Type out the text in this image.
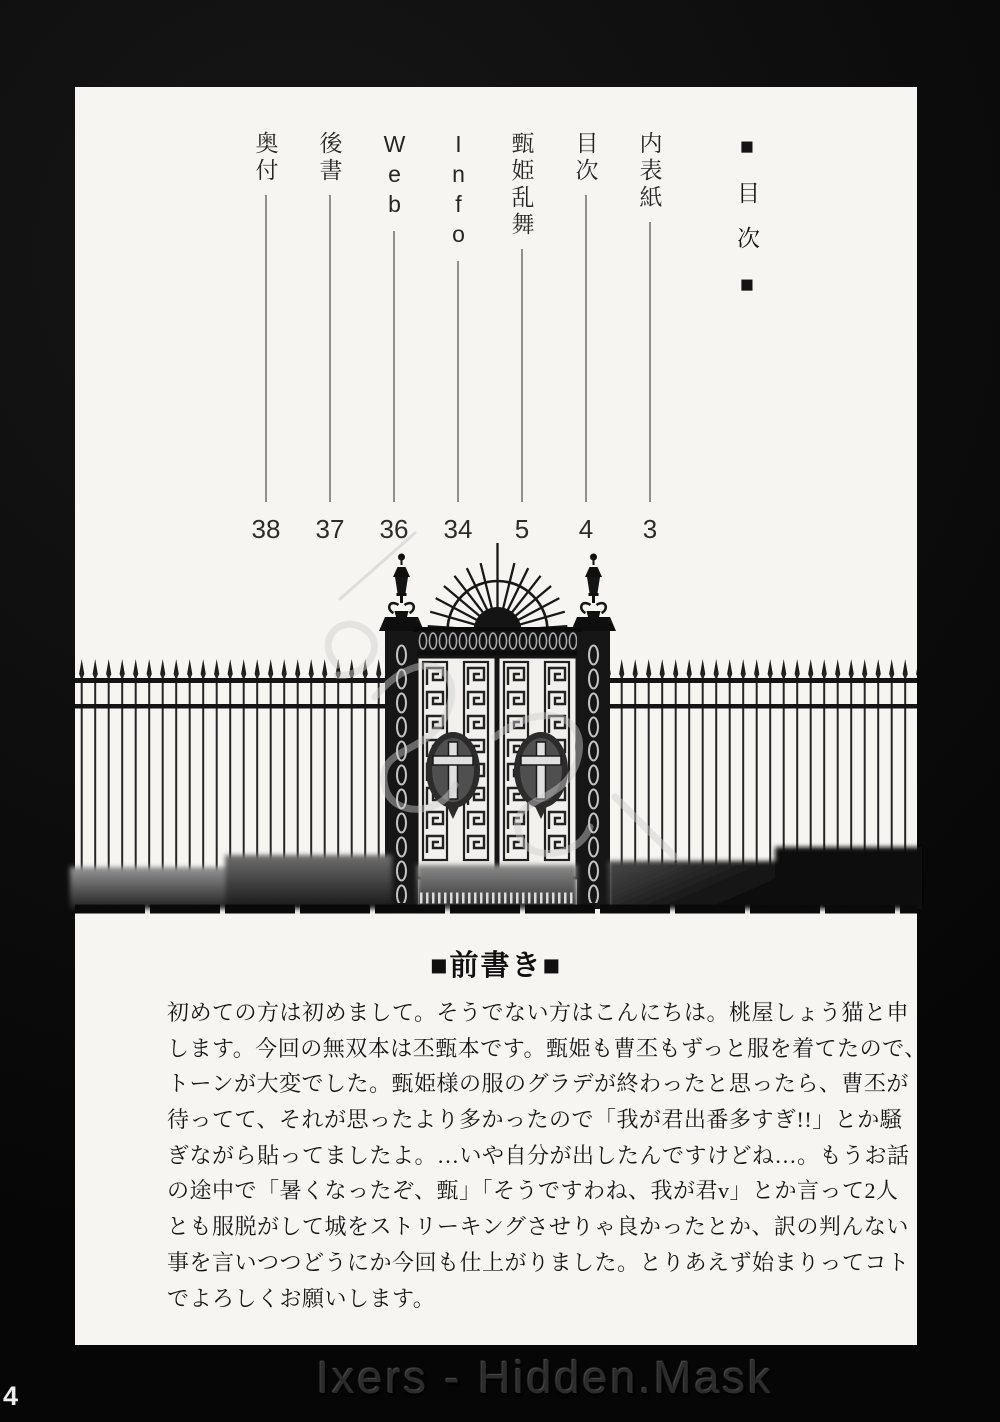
■目次■
内表紙
3
目次
4
甄姫乱舞
5
Info
34
Web
36
後書
37
奥付
38
■前書き■
初めての方は初めまして。そうでない方はこんにちは。桃屋しょう猫と申
します。今回の無双本は丕甄本です。甄姫も曹丕もずっと服を着てたので、
トーンが大変でした。甄姫様の服のグラデが終わったと思ったら、曹丕が
待ってて、それが思ったより多かったので「我が君出番多すぎ!!」とか騒
ぎながら貼ってましたよ。…いや自分が出したんですけどね…。もうお話
の途中で「暑くなったぞ、甄」「そうですわね、我が君v」とか言って2人
とも服脱がして城をストリーキングさせりゃ良かったとか、訳の判んない
事を言いつつどうにか今回も仕上がりました。とりあえず始まりってコト
でよろしくお願いします。
Ixers - Hidden.Mask
4
